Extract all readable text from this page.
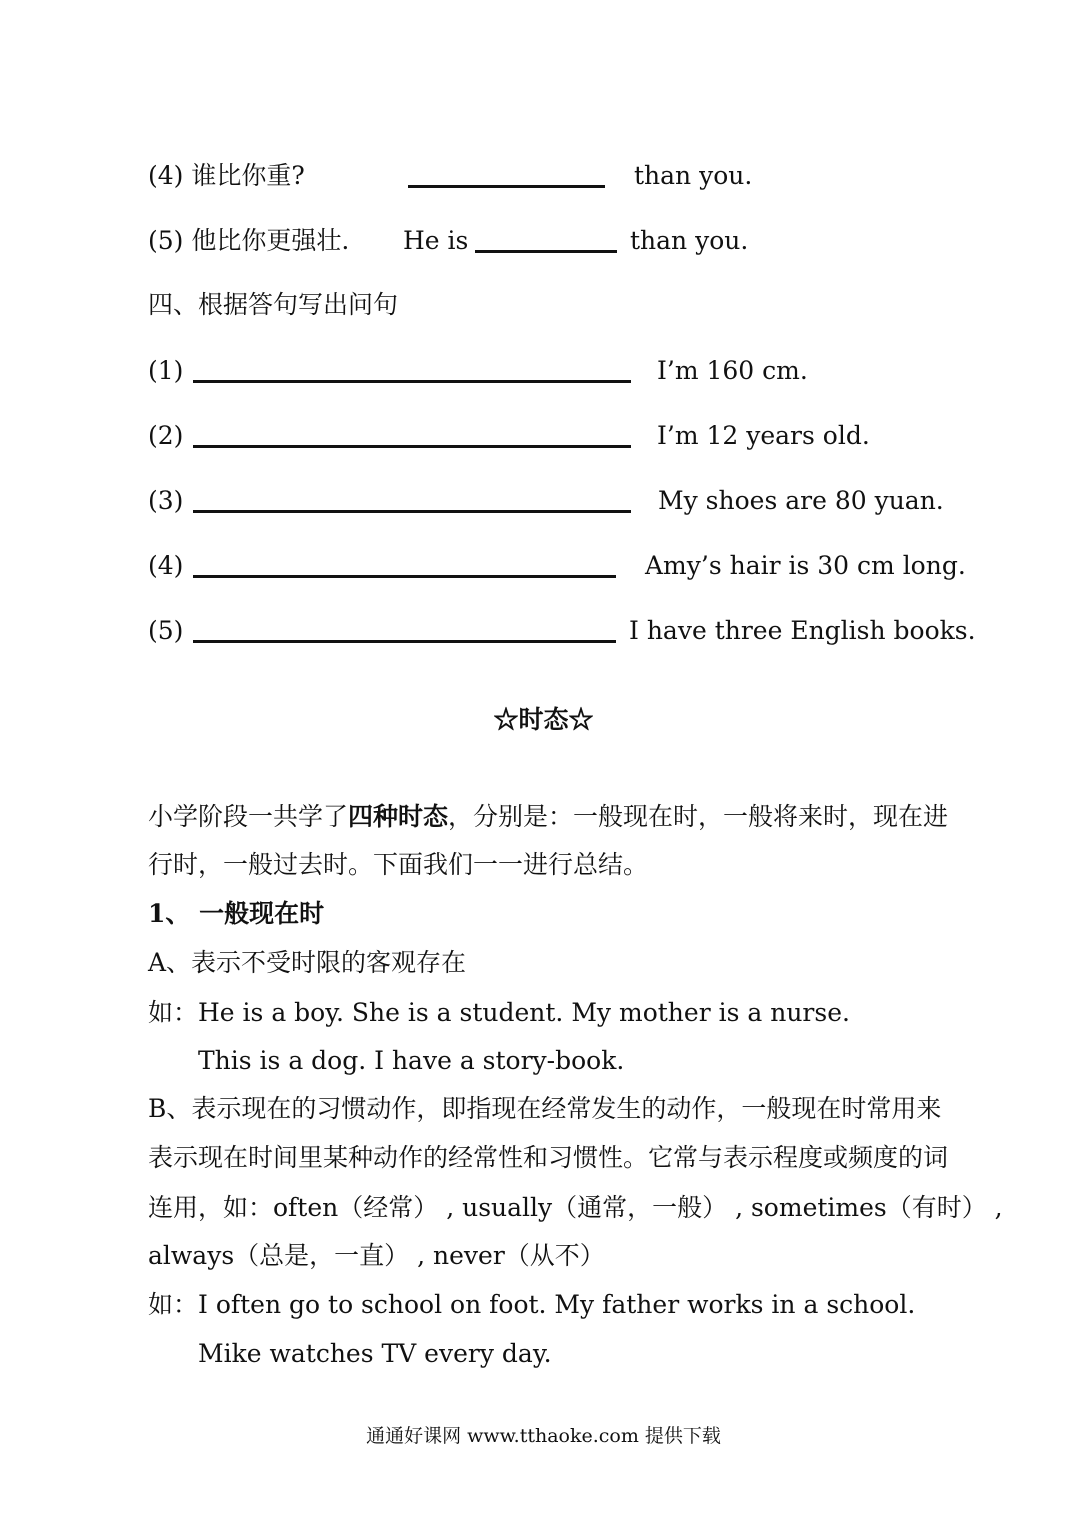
(4) 谁比你重?	than you.
(5) 他比你更强壮. He is	than you.
四、根据答句写出问句
(1)	I’m 160 cm.
(2)	I’m 12 years old.
(3)	My shoes are 80 yuan.
(4)	Amy’s hair is 30 cm long.
(5)	I have three English books.
☆时态☆
小学阶段一共学了四种时态，分别是：一般现在时，一般将来时，现在进
行时，一般过去时。下面我们一一进行总结。
1、 一般现在时
A、表示不受时限的客观存在
如：He is a boy. She is a student. My mother is a nurse.
This is a dog. I have a story-book.
B、表示现在的习惯动作，即指现在经常发生的动作，一般现在时常用来
表示现在时间里某种动作的经常性和习惯性。它常与表示程度或频度的词
连用，如：often（经常） , usually（通常，一般） , sometimes（有时） ,
always（总是，一直） , never（从不）
如：I often go to school on foot. My father works in a school.
Mike watches TV every day.
通通好课网 www.tthaoke.com 提供下载
